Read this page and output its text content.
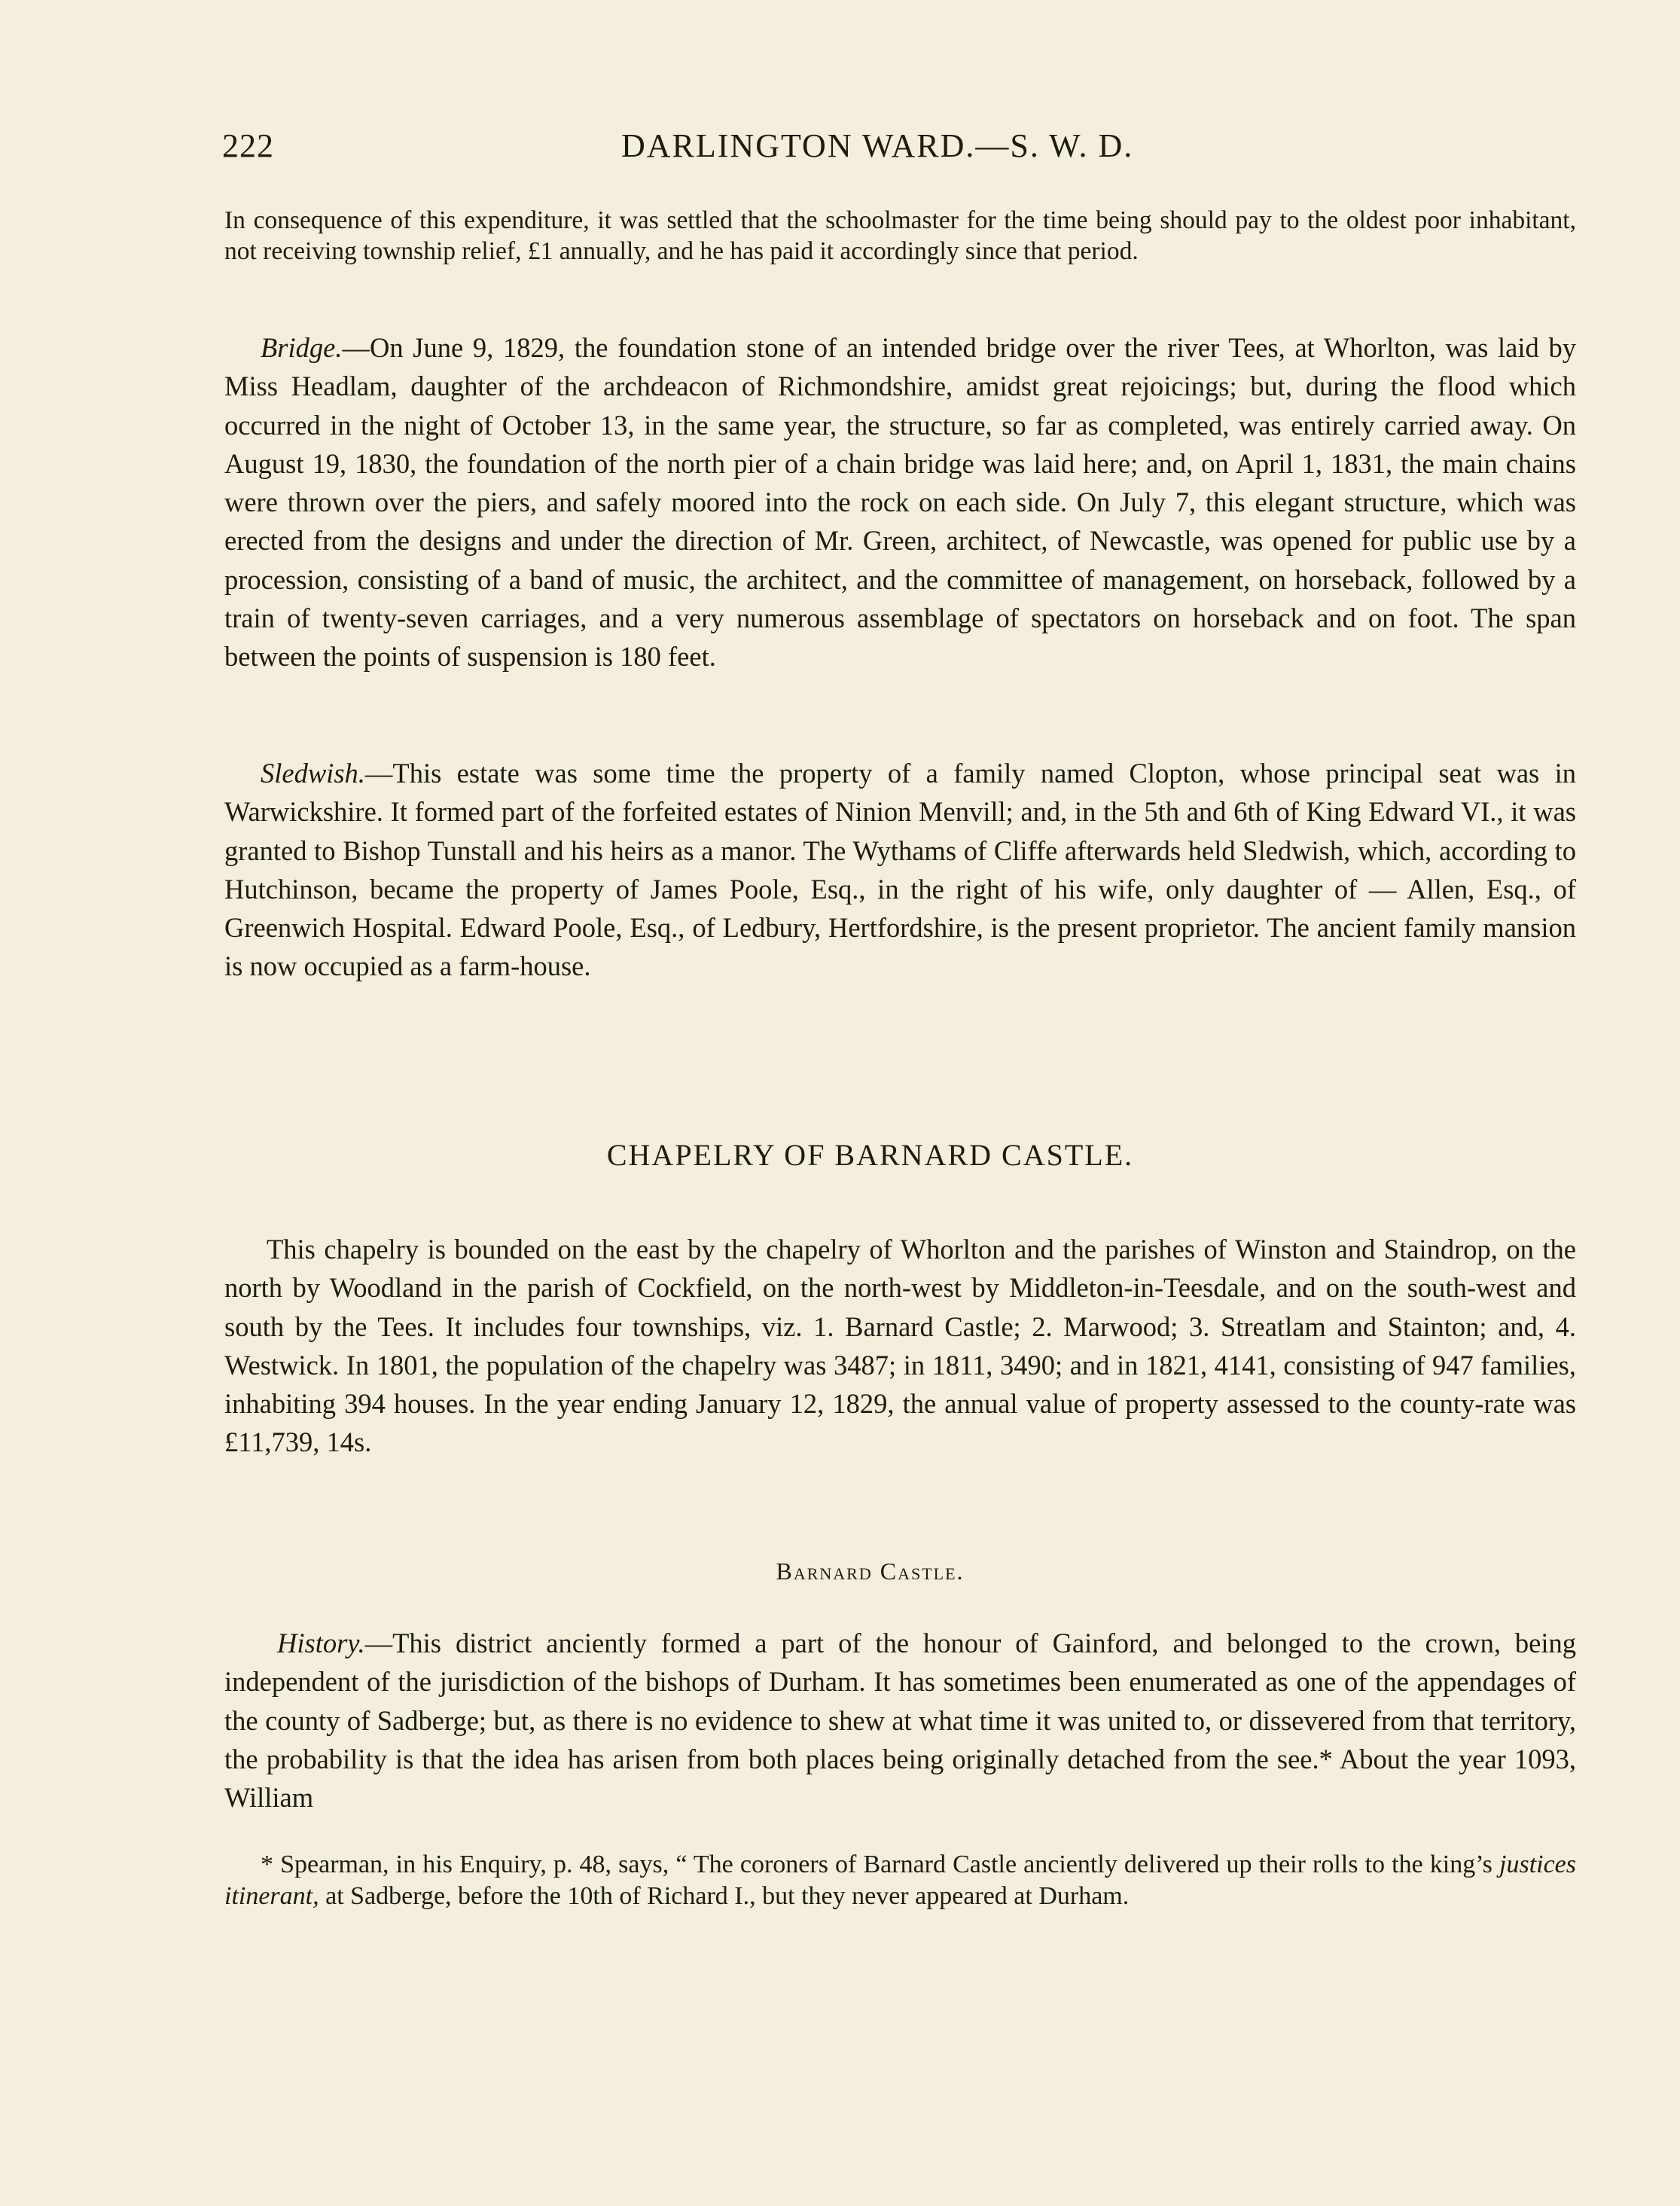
222	DARLINGTON WARD.—S. W. D.

In consequence of this expenditure, it was settled that the schoolmaster for the time being should pay to the oldest poor inhabitant, not receiving township relief, £1 annually, and he has paid it accordingly since that period.

Bridge.—On June 9, 1829, the foundation stone of an intended bridge over the river Tees, at Whorlton, was laid by Miss Headlam, daughter of the archdeacon of Richmondshire, amidst great rejoicings; but, during the flood which occurred in the night of October 13, in the same year, the structure, so far as completed, was entirely carried away. On August 19, 1830, the foundation of the north pier of a chain bridge was laid here; and, on April 1, 1831, the main chains were thrown over the piers, and safely moored into the rock on each side. On July 7, this elegant structure, which was erected from the designs and under the direction of Mr. Green, architect, of Newcastle, was opened for public use by a procession, consisting of a band of music, the architect, and the committee of management, on horseback, followed by a train of twenty-seven carriages, and a very numerous assemblage of spectators on horseback and on foot. The span between the points of suspension is 180 feet.

Sledwish.—This estate was some time the property of a family named Clopton, whose principal seat was in Warwickshire. It formed part of the forfeited estates of Ninion Menvill; and, in the 5th and 6th of King Edward VI., it was granted to Bishop Tunstall and his heirs as a manor. The Wythams of Cliffe afterwards held Sledwish, which, according to Hutchinson, became the property of James Poole, Esq., in the right of his wife, only daughter of — Allen, Esq., of Greenwich Hospital. Edward Poole, Esq., of Ledbury, Hertfordshire, is the present proprietor. The ancient family mansion is now occupied as a farm-house.

CHAPELRY OF BARNARD CASTLE.

This chapelry is bounded on the east by the chapelry of Whorlton and the parishes of Winston and Staindrop, on the north by Woodland in the parish of Cockfield, on the north-west by Middleton-in-Teesdale, and on the south-west and south by the Tees. It includes four townships, viz. 1. Barnard Castle; 2. Marwood; 3. Streatlam and Stainton; and, 4. Westwick. In 1801, the population of the chapelry was 3487; in 1811, 3490; and in 1821, 4141, consisting of 947 families, inhabiting 394 houses. In the year ending January 12, 1829, the annual value of property assessed to the county-rate was £11,739, 14s.

Barnard Castle.

History.—This district anciently formed a part of the honour of Gainford, and belonged to the crown, being independent of the jurisdiction of the bishops of Durham. It has sometimes been enumerated as one of the appendages of the county of Sadberge; but, as there is no evidence to shew at what time it was united to, or dissevered from that territory, the probability is that the idea has arisen from both places being originally detached from the see.* About the year 1093, William

* Spearman, in his Enquiry, p. 48, says, “ The coroners of Barnard Castle anciently delivered up their rolls to the king’s justices itinerant, at Sadberge, before the 10th of Richard I., but they never appeared at Durham.
